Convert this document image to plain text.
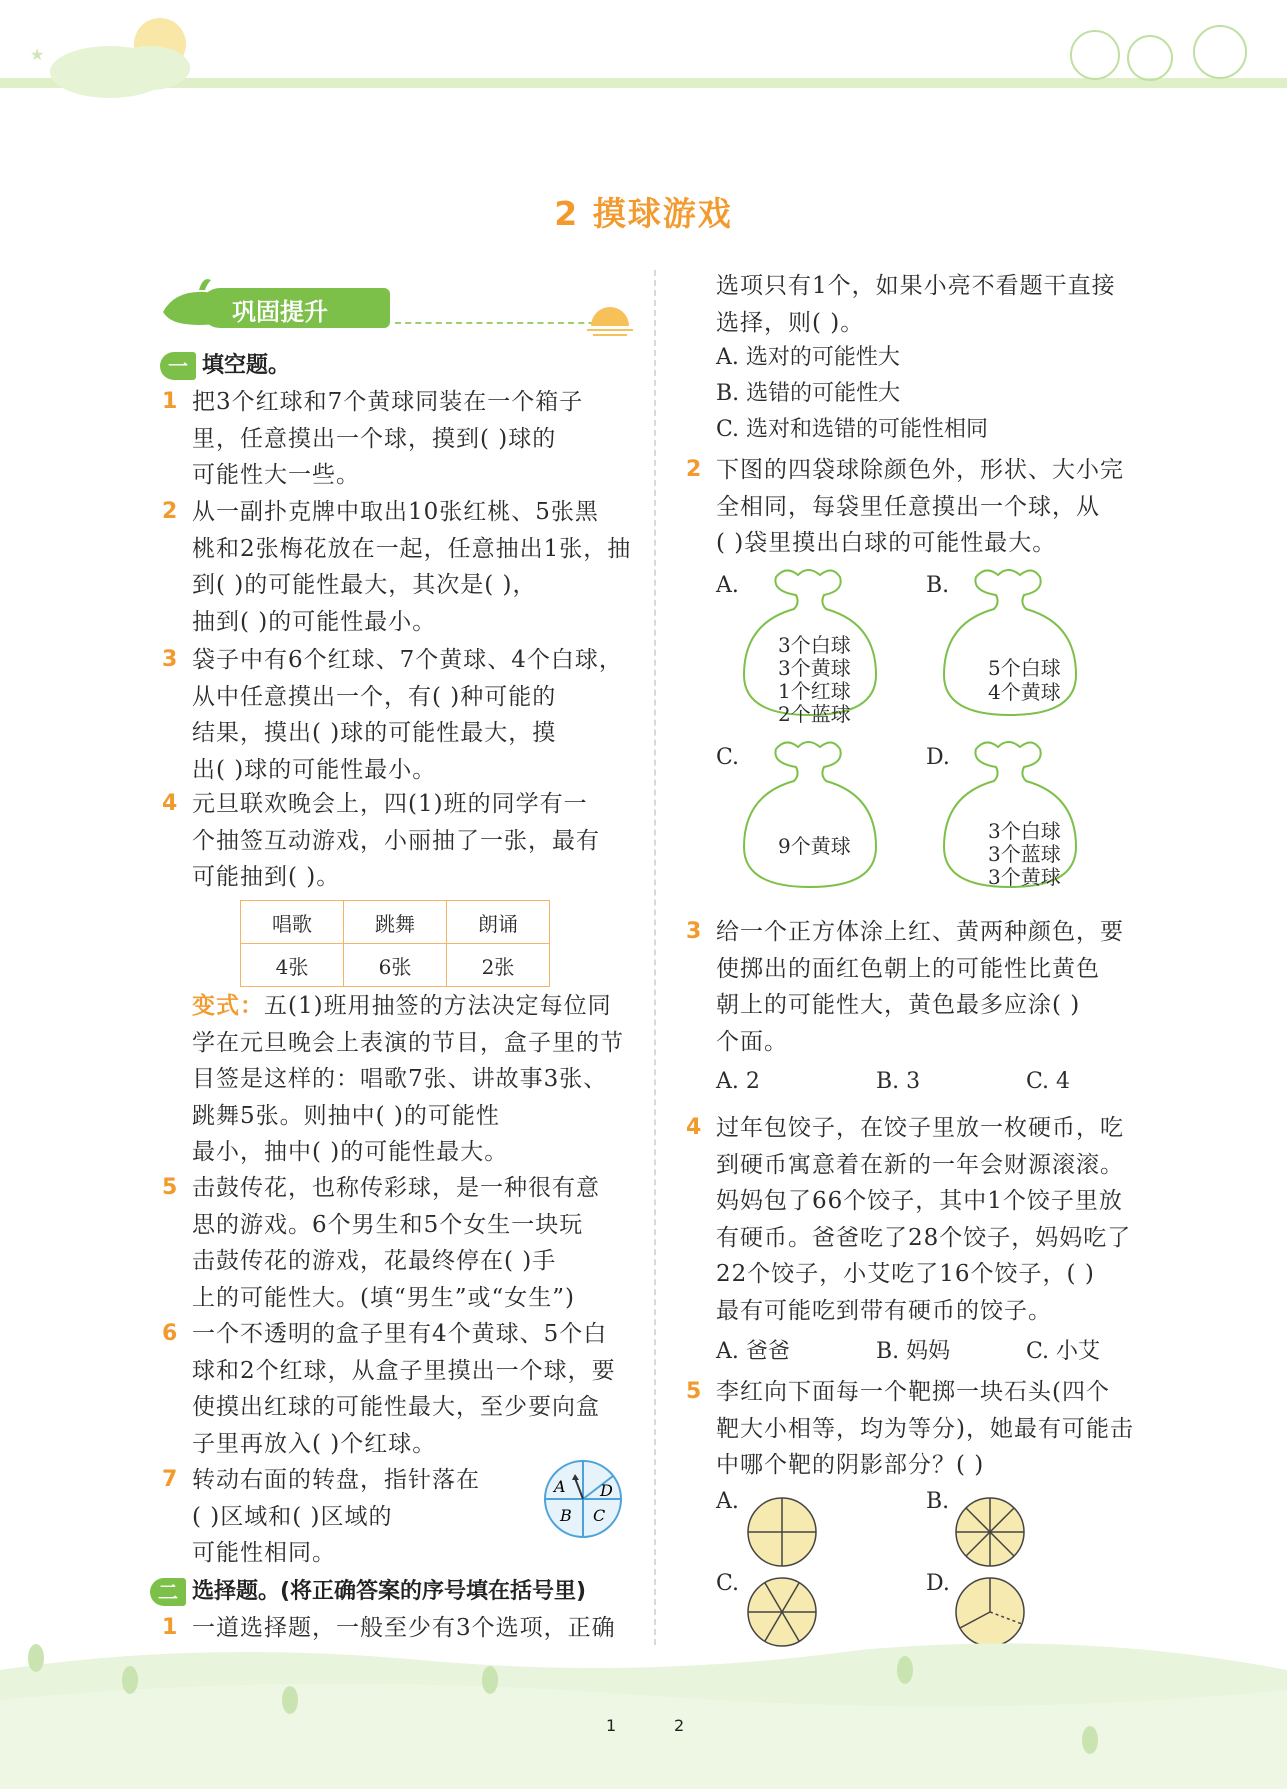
★
2 摸球游戏
巩固提升
一 填空题。
1 把3个红球和7个黄球同装在一个箱子
里，任意摸出一个球，摸到( )球的
可能性大一些。
2 从一副扑克牌中取出10张红桃、5张黑
桃和2张梅花放在一起，任意抽出1张，抽
到( )的可能性最大，其次是( )，
抽到( )的可能性最小。
3 袋子中有6个红球、7个黄球、4个白球，
从中任意摸出一个，有( )种可能的
结果，摸出( )球的可能性最大，摸
出( )球的可能性最小。
4 元旦联欢晚会上，四(1)班的同学有一
个抽签互动游戏，小丽抽了一张，最有
可能抽到( )。
唱歌	跳舞	朗诵
4张	6张	2张
变式：五(1)班用抽签的方法决定每位同
学在元旦晚会上表演的节目，盒子里的节
目签是这样的：唱歌7张、讲故事3张、
跳舞5张。则抽中( )的可能性
最小，抽中( )的可能性最大。
5 击鼓传花，也称传彩球，是一种很有意
思的游戏。6个男生和5个女生一块玩
击鼓传花的游戏，花最终停在( )手
上的可能性大。(填“男生”或“女生”)
6 一个不透明的盒子里有4个黄球、5个白
球和2个红球，从盒子里摸出一个球，要
使摸出红球的可能性最大，至少要向盒
子里再放入( )个红球。
7 转动右面的转盘，指针落在
( )区域和( )区域的
可能性相同。
A D
B C
二 选择题。(将正确答案的序号填在括号里)
1 一道选择题，一般至少有3个选项，正确
选项只有1个，如果小亮不看题干直接
选择，则( )。
A. 选对的可能性大
B. 选错的可能性大
C. 选对和选错的可能性相同
2 下图的四袋球除颜色外，形状、大小完
全相同，每袋里任意摸出一个球，从
( )袋里摸出白球的可能性最大。
A.	B.
C.	D.
3个白球
3个黄球
1个红球
2个蓝球
5个白球
4个黄球
9个黄球
3个白球
3个蓝球
3个黄球
3 给一个正方体涂上红、黄两种颜色，要
使掷出的面红色朝上的可能性比黄色
朝上的可能性大，黄色最多应涂( )
个面。
A. 2	B. 3	C. 4
4 过年包饺子，在饺子里放一枚硬币，吃
到硬币寓意着在新的一年会财源滚滚。
妈妈包了66个饺子，其中1个饺子里放
有硬币。爸爸吃了28个饺子，妈妈吃了
22个饺子，小艾吃了16个饺子，( )
最有可能吃到带有硬币的饺子。
A. 爸爸	B. 妈妈	C. 小艾
5 李红向下面每一个靶掷一块石头(四个
靶大小相等，均为等分)，她最有可能击
中哪个靶的阴影部分？( )
A.	B.
C.	D.
1	2
